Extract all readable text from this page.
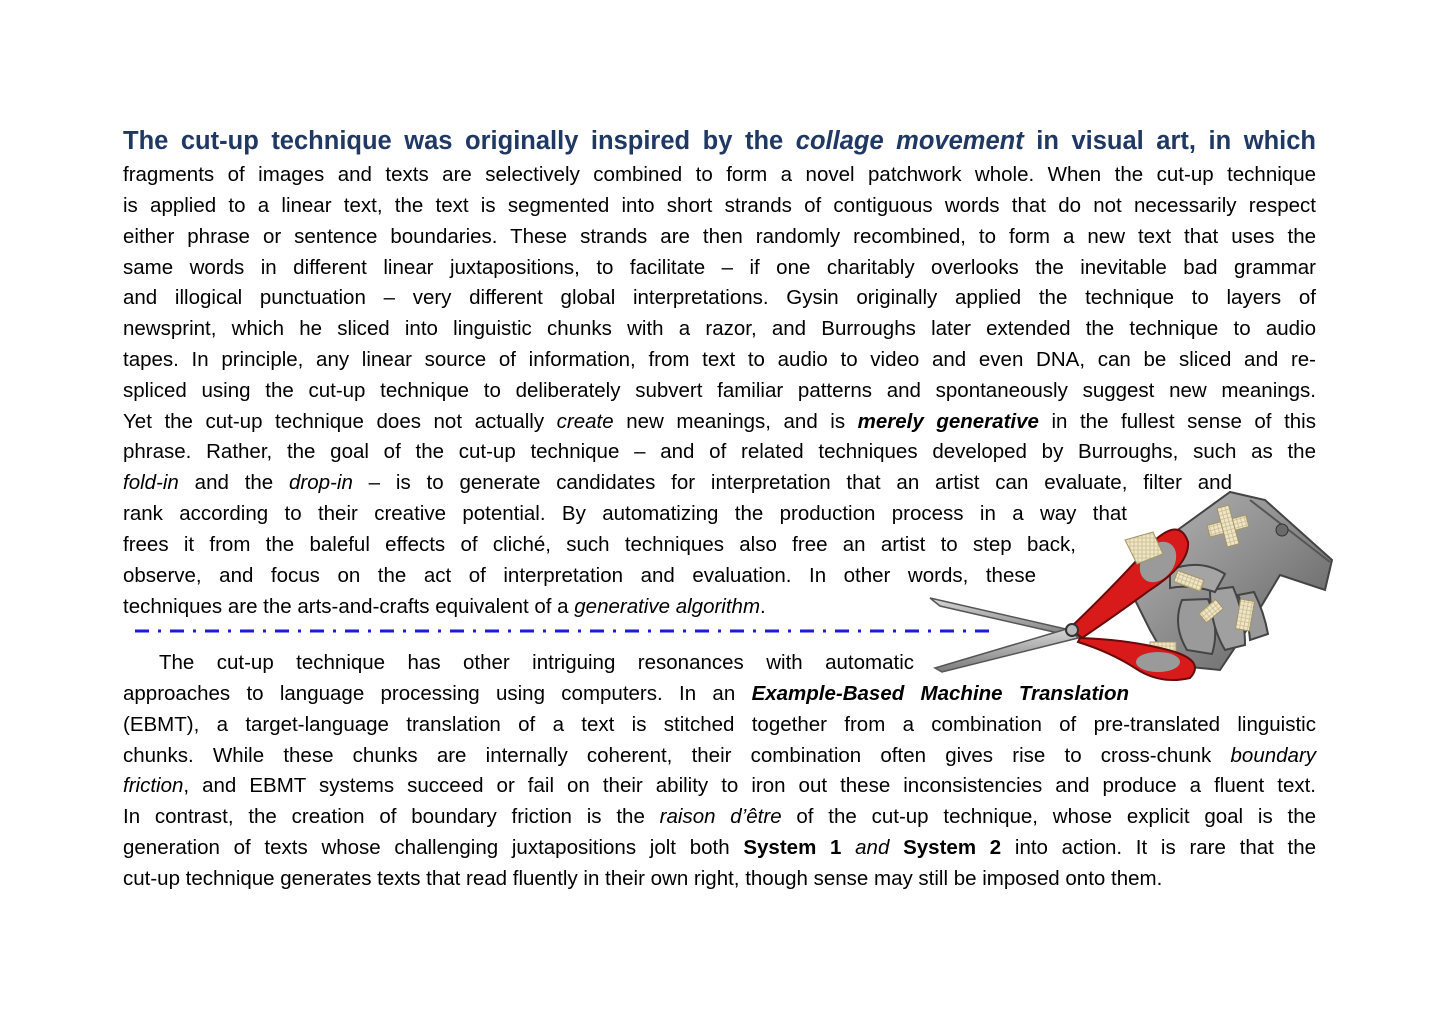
The cut-up technique was originally inspired by the collage movement in visual art, in which
fragments of images and texts are selectively combined to form a novel patchwork whole. When the cut-up technique
is applied to a linear text, the text is segmented into short strands of contiguous words that do not necessarily respect
either phrase or sentence boundaries. These strands are then randomly recombined, to form a new text that uses the
same words in different linear juxtapositions, to facilitate – if one charitably overlooks the inevitable bad grammar
and illogical punctuation – very different global interpretations. Gysin originally applied the technique to layers of
newsprint, which he sliced into linguistic chunks with a razor, and Burroughs later extended the technique to audio
tapes. In principle, any linear source of information, from text to audio to video and even DNA, can be sliced and re-
spliced using the cut-up technique to deliberately subvert familiar patterns and spontaneously suggest new meanings.
Yet the cut-up technique does not actually create new meanings, and is merely generative in the fullest sense of this
phrase. Rather, the goal of the cut-up technique – and of related techniques developed by Burroughs, such as the
fold-in and the drop-in – is to generate candidates for interpretation that an artist can evaluate, filter and
rank according to their creative potential. By automatizing the production process in a way that
frees it from the baleful effects of cliché, such techniques also free an artist to step back,
observe, and focus on the act of interpretation and evaluation. In other words, these
techniques are the arts-and-crafts equivalent of a generative algorithm.
The cut-up technique has other intriguing resonances with automatic
approaches to language processing using computers. In an Example-Based Machine Translation
(EBMT), a target-language translation of a text is stitched together from a combination of pre-translated linguistic
chunks. While these chunks are internally coherent, their combination often gives rise to cross-chunk boundary
friction, and EBMT systems succeed or fail on their ability to iron out these inconsistencies and produce a fluent text.
In contrast, the creation of boundary friction is the raison d’être of the cut-up technique, whose explicit goal is the
generation of texts whose challenging juxtapositions jolt both System 1 and System 2 into action. It is rare that the
cut-up technique generates texts that read fluently in their own right, though sense may still be imposed onto them.
